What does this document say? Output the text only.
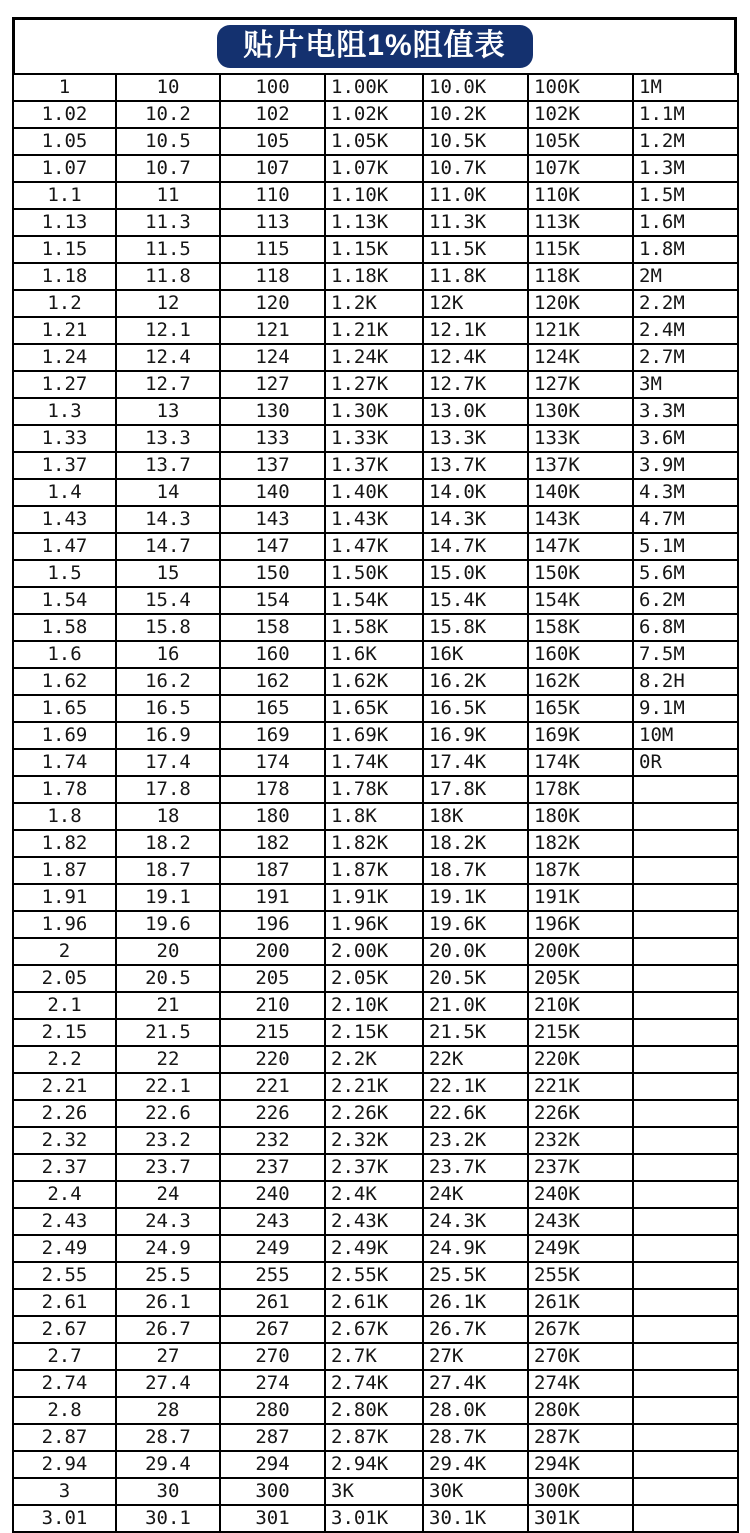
贴片电阻1%阻值表
1	10	100	1.00K	10.0K	100K	1M
1.02	10.2	102	1.02K	10.2K	102K	1.1M
1.05	10.5	105	1.05K	10.5K	105K	1.2M
1.07	10.7	107	1.07K	10.7K	107K	1.3M
1.1	11	110	1.10K	11.0K	110K	1.5M
1.13	11.3	113	1.13K	11.3K	113K	1.6M
1.15	11.5	115	1.15K	11.5K	115K	1.8M
1.18	11.8	118	1.18K	11.8K	118K	2M
1.2	12	120	1.2K	12K	120K	2.2M
1.21	12.1	121	1.21K	12.1K	121K	2.4M
1.24	12.4	124	1.24K	12.4K	124K	2.7M
1.27	12.7	127	1.27K	12.7K	127K	3M
1.3	13	130	1.30K	13.0K	130K	3.3M
1.33	13.3	133	1.33K	13.3K	133K	3.6M
1.37	13.7	137	1.37K	13.7K	137K	3.9M
1.4	14	140	1.40K	14.0K	140K	4.3M
1.43	14.3	143	1.43K	14.3K	143K	4.7M
1.47	14.7	147	1.47K	14.7K	147K	5.1M
1.5	15	150	1.50K	15.0K	150K	5.6M
1.54	15.4	154	1.54K	15.4K	154K	6.2M
1.58	15.8	158	1.58K	15.8K	158K	6.8M
1.6	16	160	1.6K	16K	160K	7.5M
1.62	16.2	162	1.62K	16.2K	162K	8.2H
1.65	16.5	165	1.65K	16.5K	165K	9.1M
1.69	16.9	169	1.69K	16.9K	169K	10M
1.74	17.4	174	1.74K	17.4K	174K	0R
1.78	17.8	178	1.78K	17.8K	178K	
1.8	18	180	1.8K	18K	180K	
1.82	18.2	182	1.82K	18.2K	182K	
1.87	18.7	187	1.87K	18.7K	187K	
1.91	19.1	191	1.91K	19.1K	191K	
1.96	19.6	196	1.96K	19.6K	196K	
2	20	200	2.00K	20.0K	200K	
2.05	20.5	205	2.05K	20.5K	205K	
2.1	21	210	2.10K	21.0K	210K	
2.15	21.5	215	2.15K	21.5K	215K	
2.2	22	220	2.2K	22K	220K	
2.21	22.1	221	2.21K	22.1K	221K	
2.26	22.6	226	2.26K	22.6K	226K	
2.32	23.2	232	2.32K	23.2K	232K	
2.37	23.7	237	2.37K	23.7K	237K	
2.4	24	240	2.4K	24K	240K	
2.43	24.3	243	2.43K	24.3K	243K	
2.49	24.9	249	2.49K	24.9K	249K	
2.55	25.5	255	2.55K	25.5K	255K	
2.61	26.1	261	2.61K	26.1K	261K	
2.67	26.7	267	2.67K	26.7K	267K	
2.7	27	270	2.7K	27K	270K	
2.74	27.4	274	2.74K	27.4K	274K	
2.8	28	280	2.80K	28.0K	280K	
2.87	28.7	287	2.87K	28.7K	287K	
2.94	29.4	294	2.94K	29.4K	294K	
3	30	300	3K	30K	300K	
3.01	30.1	301	3.01K	30.1K	301K	
